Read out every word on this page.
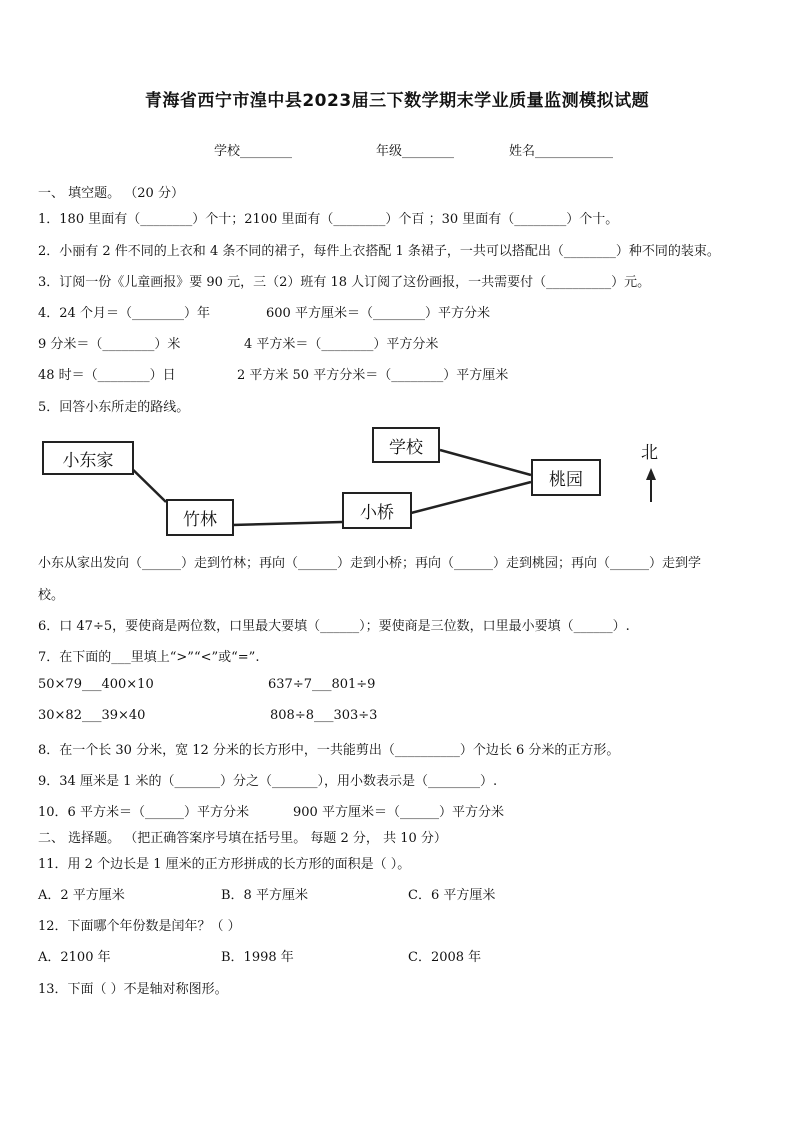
青海省西宁市湟中县2023届三下数学期末学业质量监测模拟试题
学校________	年级________	姓名____________
一、 填空题。 （20 分）
1．180 里面有（________）个十；2100 里面有（________）个百 ；30 里面有（________）个十。
2．小丽有 2 件不同的上衣和 4 条不同的裙子，每件上衣搭配 1 条裙子，一共可以搭配出（________）种不同的装束。
3．订阅一份《儿童画报》要 90 元，三（2）班有 18 人订阅了这份画报，一共需要付（__________）元。
4．24 个月＝（________）年	600 平方厘米＝（________）平方分米
9 分米＝（________）米	4 平方米＝（________）平方分米
48 时＝（________）日	2 平方米 50 平方分米＝（________）平方厘米
5．回答小东所走的路线。
小东家
竹林	小桥
学校
桃园
北
小东从家出发向（______）走到竹林；再向（______）走到小桥；再向（______）走到桃园；再向（______）走到学
校。
6．口 47÷5，要使商是两位数，口里最大要填（______）；要使商是三位数，口里最小要填（______）.
7．在下面的___里填上“>”“<”或“=”.
50×79___400×10	637÷7___801÷9
30×82___39×40	808÷8___303÷3
8．在一个长 30 分米，宽 12 分米的长方形中，一共能剪出（__________）个边长 6 分米的正方形。
9．34 厘米是 1 米的（_______）分之（_______），用小数表示是（________）.
10．6 平方米＝（______）平方分米	900 平方厘米＝（______）平方分米
二、 选择题。 （把正确答案序号填在括号里。 每题 2 分， 共 10 分）
11．用 2 个边长是 1 厘米的正方形拼成的长方形的面积是（ ）。
A．2 平方厘米	B．8 平方厘米	C．6 平方厘米
12．下面哪个年份数是闰年？（ ）
A．2100 年	B．1998 年	C．2008 年
13．下面（ ）不是轴对称图形。
